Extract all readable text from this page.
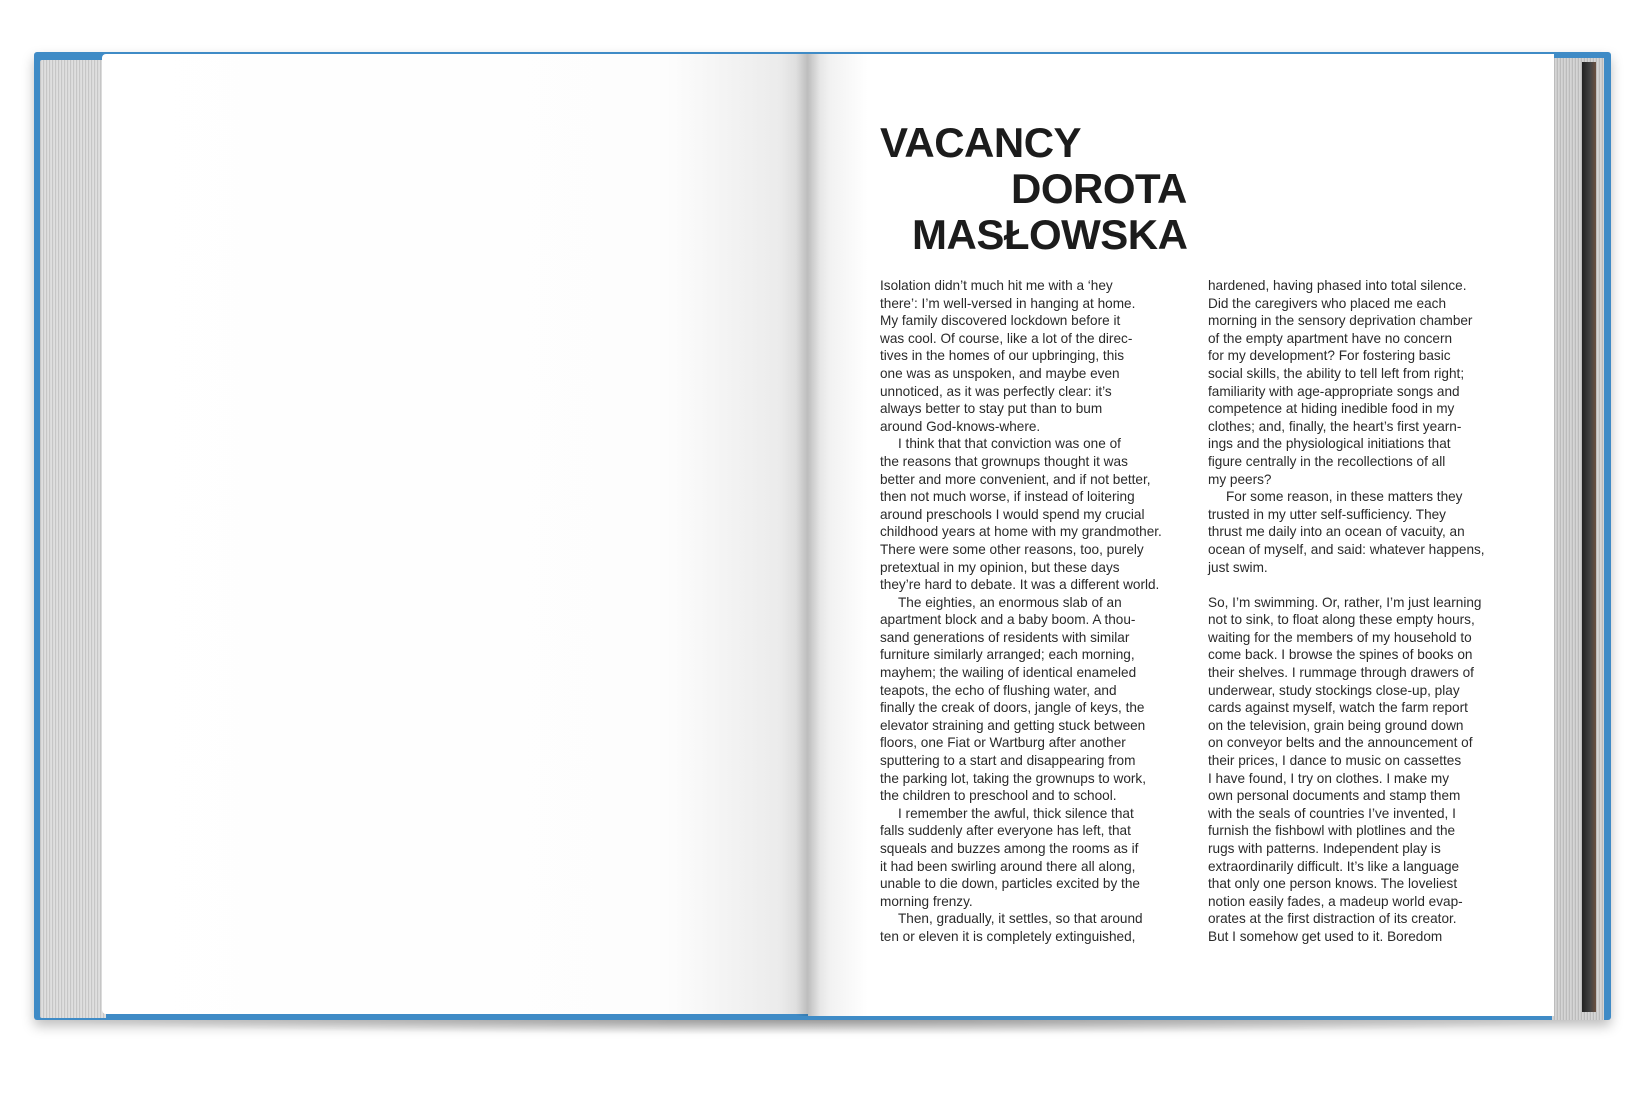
VACANCY
DOROTA
MASŁOWSKA
Isolation didn’t much hit me with a ‘hey
there’: I’m well-versed in hanging at home.
My family discovered lockdown before it
was cool. Of course, like a lot of the direc-
tives in the homes of our upbringing, this
one was as unspoken, and maybe even
unnoticed, as it was perfectly clear: it’s
always better to stay put than to bum
around God-knows-where.
I think that that conviction was one of
the reasons that grownups thought it was
better and more convenient, and if not better,
then not much worse, if instead of loitering
around preschools I would spend my crucial
childhood years at home with my grandmother.
There were some other reasons, too, purely
pretextual in my opinion, but these days
they’re hard to debate. It was a different world.
The eighties, an enormous slab of an
apartment block and a baby boom. A thou-
sand generations of residents with similar
furniture similarly arranged; each morning,
mayhem; the wailing of identical enameled
teapots, the echo of flushing water, and
finally the creak of doors, jangle of keys, the
elevator straining and getting stuck between
floors, one Fiat or Wartburg after another
sputtering to a start and disappearing from
the parking lot, taking the grownups to work,
the children to preschool and to school.
I remember the awful, thick silence that
falls suddenly after everyone has left, that
squeals and buzzes among the rooms as if
it had been swirling around there all along,
unable to die down, particles excited by the
morning frenzy.
Then, gradually, it settles, so that around
ten or eleven it is completely extinguished,
hardened, having phased into total silence.
Did the caregivers who placed me each
morning in the sensory deprivation chamber
of the empty apartment have no concern
for my development? For fostering basic
social skills, the ability to tell left from right;
familiarity with age-appropriate songs and
competence at hiding inedible food in my
clothes; and, finally, the heart’s first yearn-
ings and the physiological initiations that
figure centrally in the recollections of all
my peers?
For some reason, in these matters they
trusted in my utter self-sufficiency. They
thrust me daily into an ocean of vacuity, an
ocean of myself, and said: whatever happens,
just swim.
So, I’m swimming. Or, rather, I’m just learning
not to sink, to float along these empty hours,
waiting for the members of my household to
come back. I browse the spines of books on
their shelves. I rummage through drawers of
underwear, study stockings close-up, play
cards against myself, watch the farm report
on the television, grain being ground down
on conveyor belts and the announcement of
their prices, I dance to music on cassettes
I have found, I try on clothes. I make my
own personal documents and stamp them
with the seals of countries I’ve invented, I
furnish the fishbowl with plotlines and the
rugs with patterns. Independent play is
extraordinarily difficult. It’s like a language
that only one person knows. The loveliest
notion easily fades, a madeup world evap-
orates at the first distraction of its creator.
But I somehow get used to it. Boredom
